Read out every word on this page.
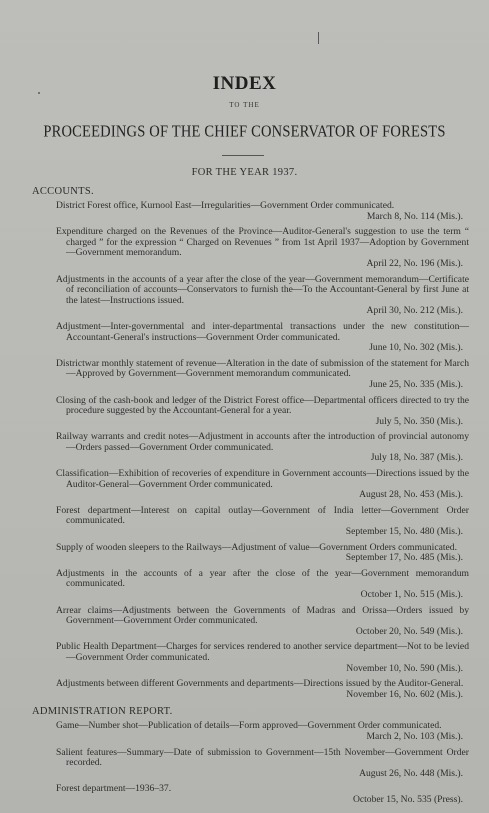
INDEX
TO THE
PROCEEDINGS OF THE CHIEF CONSERVATOR OF FORESTS
FOR THE YEAR 1937.
ACCOUNTS.
District Forest office, Kurnool East—Irregularities—Government Order communicated.
March 8, No. 114 (Mis.).
Expenditure charged on the Revenues of the Province—Auditor-General's suggestion to use the term “ charged ” for the expression “ Charged on Revenues ” from 1st April 1937—Adoption by Government—Government memorandum.
April 22, No. 196 (Mis.).
Adjustments in the accounts of a year after the close of the year—Government memorandum—Certificate of reconciliation of accounts—Conservators to furnish the—To the Accountant-General by first June at the latest—Instructions issued.
April 30, No. 212 (Mis.).
Adjustment—Inter-governmental and inter-departmental transactions under the new constitution—Accountant-General's instructions—Government Order communicated.
June 10, No. 302 (Mis.).
Districtwar monthly statement of revenue—Alteration in the date of submission of the statement for March—Approved by Government—Government memorandum communicated.
June 25, No. 335 (Mis.).
Closing of the cash-book and ledger of the District Forest office—Departmental officers directed to try the procedure suggested by the Accountant-General for a year.
July 5, No. 350 (Mis.).
Railway warrants and credit notes—Adjustment in accounts after the introduction of provincial autonomy—Orders passed—Government Order communicated.
July 18, No. 387 (Mis.).
Classification—Exhibition of recoveries of expenditure in Government accounts—Directions issued by the Auditor-General—Government Order communicated.
August 28, No. 453 (Mis.).
Forest department—Interest on capital outlay—Government of India letter—Government Order communicated.
September 15, No. 480 (Mis.).
Supply of wooden sleepers to the Railways—Adjustment of value—Government Orders communicated.
September 17, No. 485 (Mis.).
Adjustments in the accounts of a year after the close of the year—Government memorandum communicated.
October 1, No. 515 (Mis.).
Arrear claims—Adjustments between the Governments of Madras and Orissa—Orders issued by Government—Government Order communicated.
October 20, No. 549 (Mis.).
Public Health Department—Charges for services rendered to another service department—Not to be levied—Government Order communicated.
November 10, No. 590 (Mis.).
Adjustments between different Governments and departments—Directions issued by the Auditor-General.
November 16, No. 602 (Mis.).
ADMINISTRATION REPORT.
Game—Number shot—Publication of details—Form approved—Government Order communicated.
March 2, No. 103 (Mis.).
Salient features—Summary—Date of submission to Government—15th November—Government Order recorded.
August 26, No. 448 (Mis.).
Forest department—1936–37.
October 15, No. 535 (Press).
